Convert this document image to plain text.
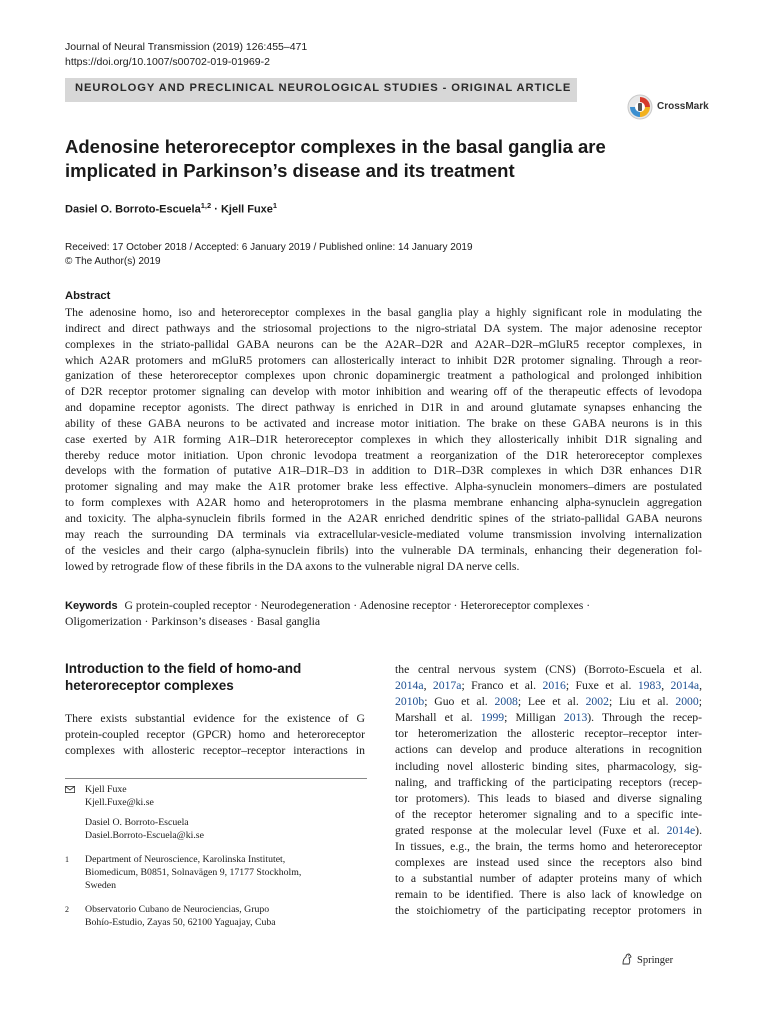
Journal of Neural Transmission (2019) 126:455–471
https://doi.org/10.1007/s00702-019-01969-2
NEUROLOGY AND PRECLINICAL NEUROLOGICAL STUDIES - ORIGINAL ARTICLE
CrossMark
Adenosine heteroreceptor complexes in the basal ganglia are
implicated in Parkinson’s disease and its treatment
Dasiel O. Borroto-Escuela$^{1,2}$ · Kjell Fuxe$^1$
Received: 17 October 2018 / Accepted: 6 January 2019 / Published online: 14 January 2019
© The Author(s) 2019
Abstract
The adenosine homo, iso and heteroreceptor complexes in the basal ganglia play a highly significant role in modulating the
indirect and direct pathways and the striosomal projections to the nigro-striatal DA system. The major adenosine receptor
complexes in the striato-pallidal GABA neurons can be the A2AR–D2R and A2AR–D2R–mGluR5 receptor complexes, in
which A2AR protomers and mGluR5 protomers can allosterically interact to inhibit D2R protomer signaling. Through a reor-
ganization of these heteroreceptor complexes upon chronic dopaminergic treatment a pathological and prolonged inhibition
of D2R receptor protomer signaling can develop with motor inhibition and wearing off of the therapeutic effects of levodopa
and dopamine receptor agonists. The direct pathway is enriched in D1R in and around glutamate synapses enhancing the
ability of these GABA neurons to be activated and increase motor initiation. The brake on these GABA neurons is in this
case exerted by A1R forming A1R–D1R heteroreceptor complexes in which they allosterically inhibit D1R signaling and
thereby reduce motor initiation. Upon chronic levodopa treatment a reorganization of the D1R heteroreceptor complexes
develops with the formation of putative A1R–D1R–D3 in addition to D1R–D3R complexes in which D3R enhances D1R
protomer signaling and may make the A1R protomer brake less effective. Alpha-synuclein monomers–dimers are postulated
to form complexes with A2AR homo and heteroprotomers in the plasma membrane enhancing alpha-synuclein aggregation
and toxicity. The alpha-synuclein fibrils formed in the A2AR enriched dendritic spines of the striato-pallidal GABA neurons
may reach the surrounding DA terminals via extracellular-vesicle-mediated volume transmission involving internalization
of the vesicles and their cargo (alpha-synuclein fibrils) into the vulnerable DA terminals, enhancing their degeneration fol-
lowed by retrograde flow of these fibrils in the DA axons to the vulnerable nigral DA nerve cells.
Keywords G protein-coupled receptor · Neurodegeneration · Adenosine receptor · Heteroreceptor complexes ·
Oligomerization · Parkinson’s diseases · Basal ganglia
Introduction to the field of homo-and
heteroreceptor complexes
There exists substantial evidence for the existence of G
protein-coupled receptor (GPCR) homo and heteroreceptor
complexes with allosteric receptor–receptor interactions in
Kjell Fuxe
Kjell.Fuxe@ki.se
Dasiel O. Borroto-Escuela
Dasiel.Borroto-Escuela@ki.se
1 Department of Neuroscience, Karolinska Institutet,
Biomedicum, B0851, Solnavägen 9, 17177 Stockholm,
Sweden
2 Observatorio Cubano de Neurociencias, Grupo
Bohío-Estudio, Zayas 50, 62100 Yaguajay, Cuba
the central nervous system (CNS) (Borroto-Escuela et al.
2014a, 2017a; Franco et al. 2016; Fuxe et al. 1983, 2014a,
2010b; Guo et al. 2008; Lee et al. 2002; Liu et al. 2000;
Marshall et al. 1999; Milligan 2013). Through the recep-
tor heteromerization the allosteric receptor–receptor inter-
actions can develop and produce alterations in recognition
including novel allosteric binding sites, pharmacology, sig-
naling, and trafficking of the participating receptors (recep-
tor protomers). This leads to biased and diverse signaling
of the receptor heteromer signaling and to a specific inte-
grated response at the molecular level (Fuxe et al. 2014e).
In tissues, e.g., the brain, the terms homo and heteroreceptor
complexes are instead used since the receptors also bind
to a substantial number of adapter proteins many of which
remain to be identified. There is also lack of knowledge on
the stoichiometry of the participating receptor protomers in
Springer
